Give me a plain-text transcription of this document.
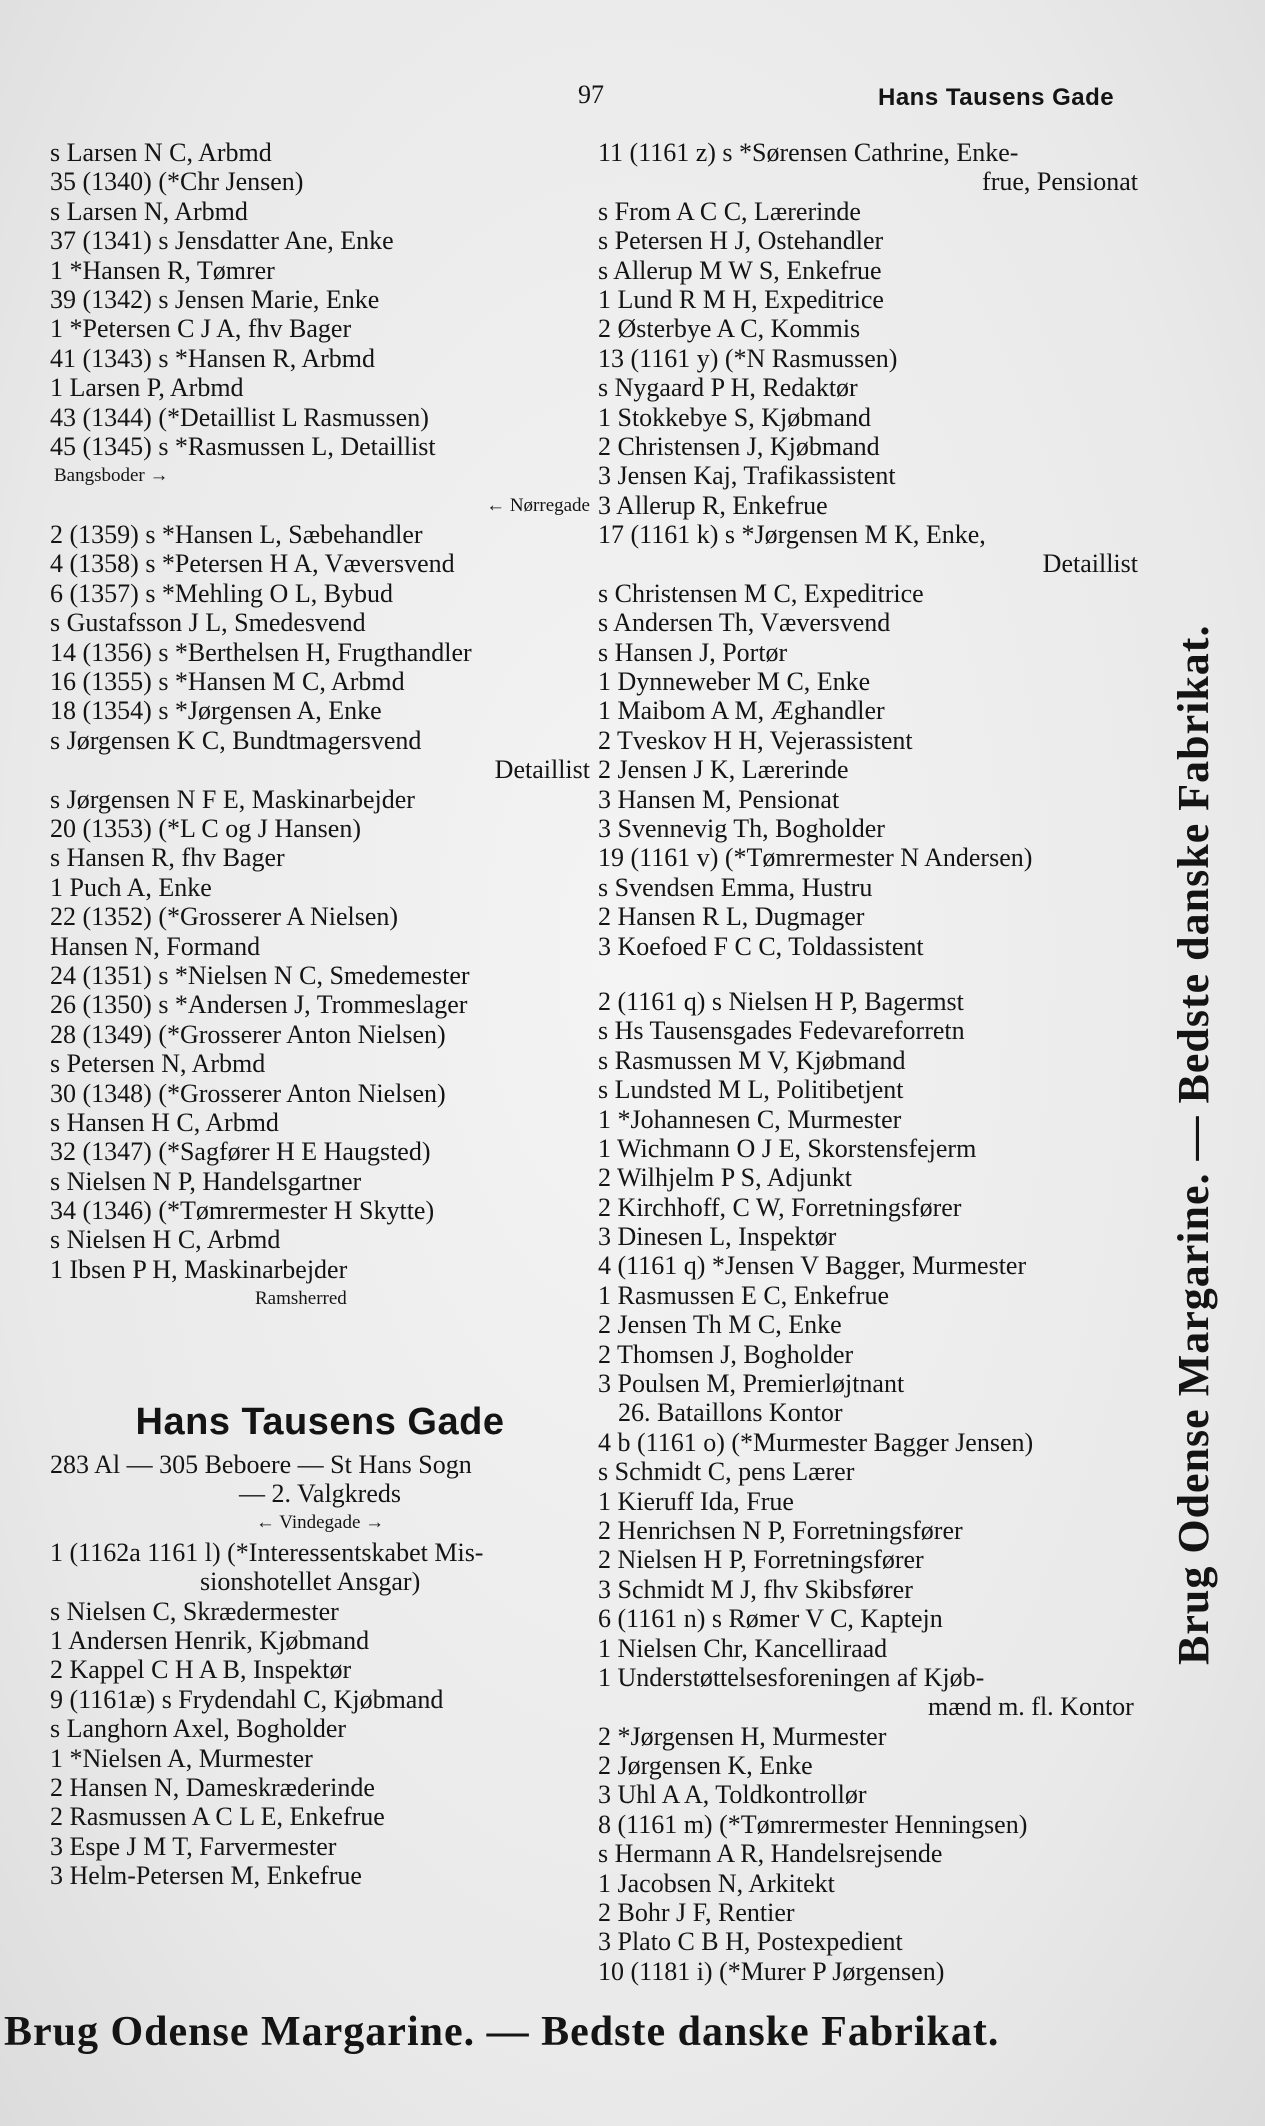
97	Hans Tausens Gade
s Larsen N C, Arbmd
35 (1340) (*Chr Jensen)
s Larsen N, Arbmd
37 (1341) s Jensdatter Ane, Enke
1 *Hansen R, Tømrer
39 (1342) s Jensen Marie, Enke
1 *Petersen C J A, fhv Bager
41 (1343) s *Hansen R, Arbmd
1 Larsen P, Arbmd
43 (1344) (*Detaillist L Rasmussen)
45 (1345) s *Rasmussen L, Detaillist
Bangsboder →
← Nørregade
2 (1359) s *Hansen L, Sæbehandler
4 (1358) s *Petersen H A, Væversvend
6 (1357) s *Mehling O L, Bybud
s Gustafsson J L, Smedesvend
14 (1356) s *Berthelsen H, Frugthandler
16 (1355) s *Hansen M C, Arbmd
18 (1354) s *Jørgensen A, Enke
s Jørgensen K C, Bundtmagersvend
Detaillist
s Jørgensen N F E, Maskinarbejder
20 (1353) (*L C og J Hansen)
s Hansen R, fhv Bager
1 Puch A, Enke
22 (1352) (*Grosserer A Nielsen)
Hansen N, Formand
24 (1351) s *Nielsen N C, Smedemester
26 (1350) s *Andersen J, Trommeslager
28 (1349) (*Grosserer Anton Nielsen)
s Petersen N, Arbmd
30 (1348) (*Grosserer Anton Nielsen)
s Hansen H C, Arbmd
32 (1347) (*Sagfører H E Haugsted)
s Nielsen N P, Handelsgartner
34 (1346) (*Tømrermester H Skytte)
s Nielsen H C, Arbmd
1 Ibsen P H, Maskinarbejder
Ramsherred
Hans Tausens Gade
283 Al — 305 Beboere — St Hans Sogn
— 2. Valgkreds
← Vindegade →
1 (1162a 1161 l) (*Interessentskabet Mis-
sionshotellet Ansgar)
s Nielsen C, Skrædermester
1 Andersen Henrik, Kjøbmand
2 Kappel C H A B, Inspektør
9 (1161æ) s Frydendahl C, Kjøbmand
s Langhorn Axel, Bogholder
1 *Nielsen A, Murmester
2 Hansen N, Dameskræderinde
2 Rasmussen A C L E, Enkefrue
3 Espe J M T, Farvermester
3 Helm-Petersen M, Enkefrue
11 (1161 z) s *Sørensen Cathrine, Enke-
frue, Pensionat
s From A C C, Lærerinde
s Petersen H J, Ostehandler
s Allerup M W S, Enkefrue
1 Lund R M H, Expeditrice
2 Østerbye A C, Kommis
13 (1161 y) (*N Rasmussen)
s Nygaard P H, Redaktør
1 Stokkebye S, Kjøbmand
2 Christensen J, Kjøbmand
3 Jensen Kaj, Trafikassistent
3 Allerup R, Enkefrue
17 (1161 k) s *Jørgensen M K, Enke,
Detaillist
s Christensen M C, Expeditrice
s Andersen Th, Væversvend
s Hansen J, Portør
1 Dynneweber M C, Enke
1 Maibom A M, Æghandler
2 Tveskov H H, Vejerassistent
2 Jensen J K, Lærerinde
3 Hansen M, Pensionat
3 Svennevig Th, Bogholder
19 (1161 v) (*Tømrermester N Andersen)
s Svendsen Emma, Hustru
2 Hansen R L, Dugmager
3 Koefoed F C C, Toldassistent
2 (1161 q) s Nielsen H P, Bagermst
s Hs Tausensgades Fedevareforretn
s Rasmussen M V, Kjøbmand
s Lundsted M L, Politibetjent
1 *Johannesen C, Murmester
1 Wichmann O J E, Skorstensfejerm
2 Wilhjelm P S, Adjunkt
2 Kirchhoff, C W, Forretningsfører
3 Dinesen L, Inspektør
4 (1161 q) *Jensen V Bagger, Murmester
1 Rasmussen E C, Enkefrue
2 Jensen Th M C, Enke
2 Thomsen J, Bogholder
3 Poulsen M, Premierløjtnant
26. Bataillons Kontor
4 b (1161 o) (*Murmester Bagger Jensen)
s Schmidt C, pens Lærer
1 Kieruff Ida, Frue
2 Henrichsen N P, Forretningsfører
2 Nielsen H P, Forretningsfører
3 Schmidt M J, fhv Skibsfører
6 (1161 n) s Rømer V C, Kaptejn
1 Nielsen Chr, Kancelliraad
1 Understøttelsesforeningen af Kjøb-
mænd m. fl. Kontor
2 *Jørgensen H, Murmester
2 Jørgensen K, Enke
3 Uhl A A, Toldkontrollør
8 (1161 m) (*Tømrermester Henningsen)
s Hermann A R, Handelsrejsende
1 Jacobsen N, Arkitekt
2 Bohr J F, Rentier
3 Plato C B H, Postexpedient
10 (1181 i) (*Murer P Jørgensen)
Brug Odense Margarine. — Bedste danske Fabrikat.
Brug Odense Margarine. — Bedste danske Fabrikat.
